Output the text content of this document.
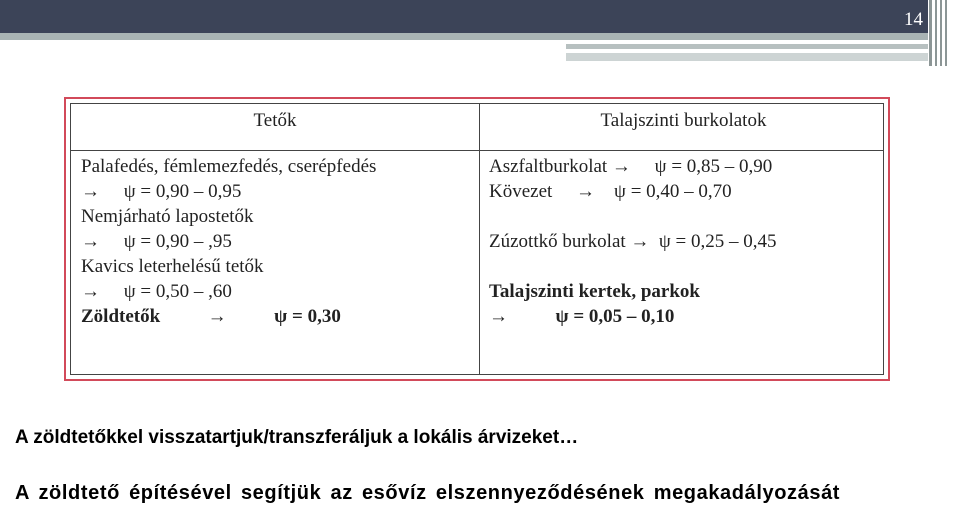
14
Tetők	Talajszinti burkolatok
Palafedés, fémlemezfedés, cserépfedés
→     ψ = 0,90 – 0,95
Nemjárható lapostetők
→     ψ = 0,90 – ,95
Kavics leterhelésű tetők
→     ψ = 0,50 – ,60
Zöldtetők          →          ψ = 0,30
Aszfaltburkolat →     ψ = 0,85 – 0,90
Kövezet     →    ψ = 0,40 – 0,70
Zúzottkő burkolat →  ψ = 0,25 – 0,45
Talajszinti kertek, parkok
→          ψ = 0,05 – 0,10
A zöldtetőkkel visszatartjuk/transzferáljuk a lokális árvizeket…
A zöldtető építésével segítjük az esővíz elszennyeződésének megakadályozását
